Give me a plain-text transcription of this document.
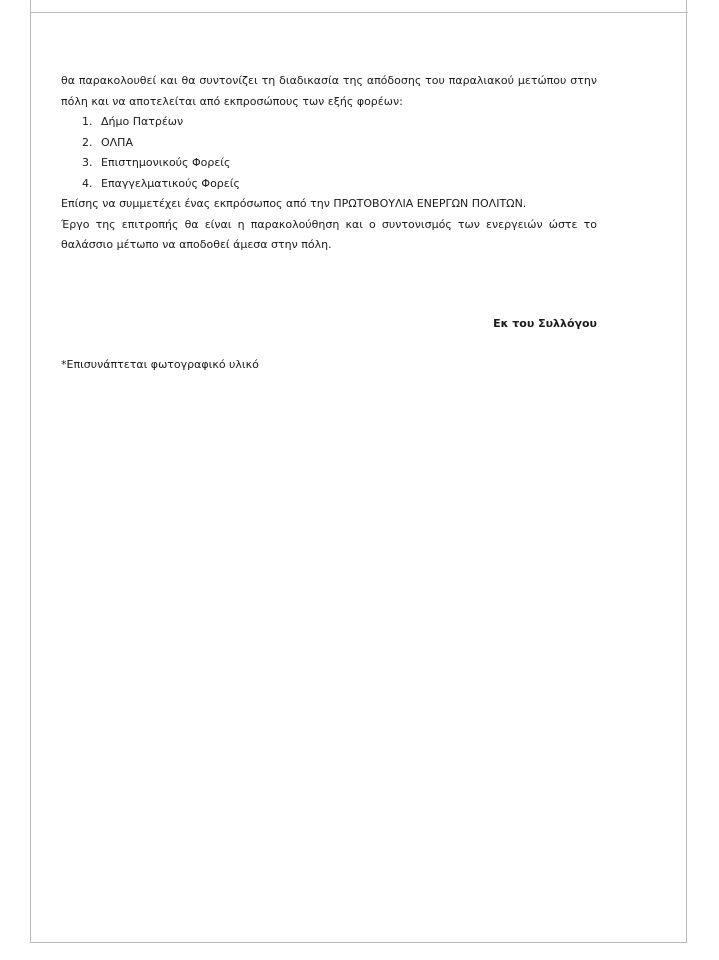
θα παρακολουθεί και θα συντονίζει τη διαδικασία της απόδοσης του παραλιακού μετώπου στην

πόλη και να αποτελείται από εκπροσώπους των εξής φορέων:

1. Δήμο Πατρέων
2. ΟΛΠΑ
3. Επιστημονικούς Φορείς
4. Επαγγελματικούς Φορείς

Επίσης να συμμετέχει ένας εκπρόσωπος από την ΠΡΩΤΟΒΟΥΛΙΑ ΕΝΕΡΓΩΝ ΠΟΛΙΤΩΝ.

Έργο της επιτροπής θα είναι η παρακολούθηση και ο συντονισμός των ενεργειών ώστε το

θαλάσσιο μέτωπο να αποδοθεί άμεσα στην πόλη.

Εκ του Συλλόγου
*Επισυνάπτεται φωτογραφικό υλικό
